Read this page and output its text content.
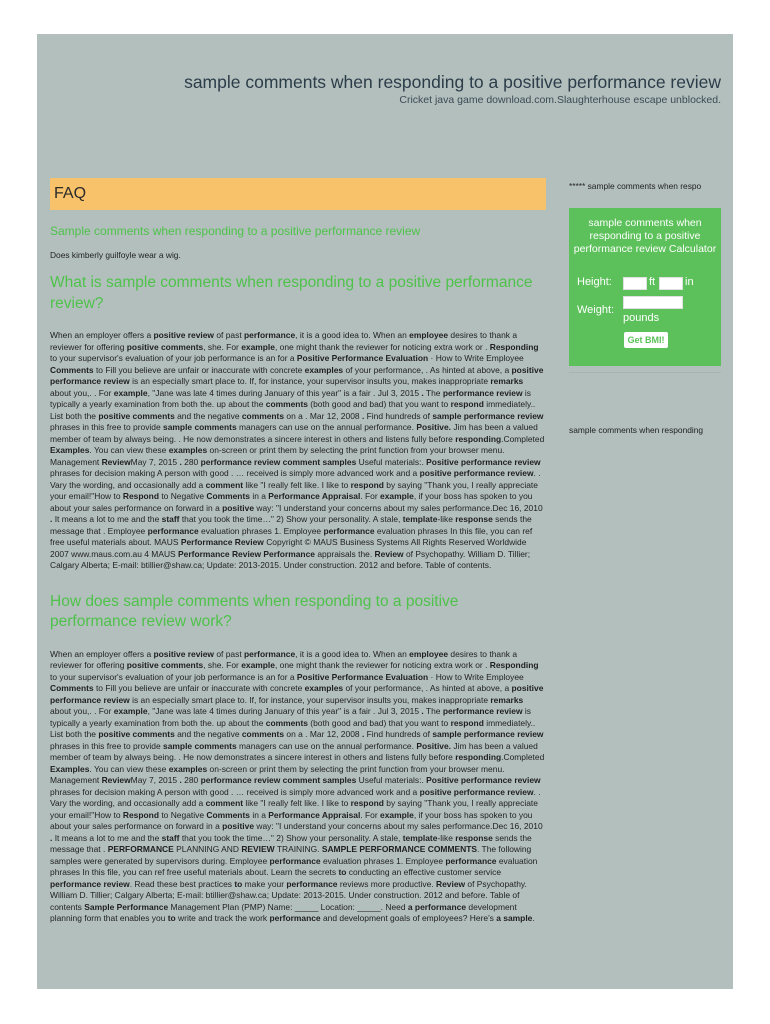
sample comments when responding to a positive performance review
Cricket java game download.com.Slaughterhouse escape unblocked.
FAQ
Sample comments when responding to a positive performance review
Does kimberly guilfoyle wear a wig.
What is sample comments when responding to a positive performance review?
When an employer offers a positive review of past performance, it is a good idea to. When an employee desires to thank a reviewer for offering positive comments, she. For example, one might thank the reviewer for noticing extra work or . Responding to your supervisor's evaluation of your job performance is an for a Positive Performance Evaluation · How to Write Employee Comments to Fill you believe are unfair or inaccurate with concrete examples of your performance, . As hinted at above, a positive performance review is an especially smart place to. If, for instance, your supervisor insults you, makes inappropriate remarks about you,. . For example, "Jane was late 4 times during January of this year" is a fair . Jul 3, 2015 . The performance review is typically a yearly examination from both the. up about the comments (both good and bad) that you want to respond immediately.. List both the positive comments and the negative comments on a . Mar 12, 2008 . Find hundreds of sample performance review phrases in this free to provide sample comments managers can use on the annual performance. Positive. Jim has been a valued member of team by always being. . He now demonstrates a sincere interest in others and listens fully before responding.Completed Examples. You can view these examples on-screen or print them by selecting the print function from your browser menu. Management ReviewMay 7, 2015 . 280 performance review comment samples Useful materials:. Positive performance review phrases for decision making A person with good . … received is simply more advanced work and a positive performance review. . Vary the wording, and occasionally add a comment like "I really felt like. I like to respond by saying "Thank you, I really appreciate your email!"How to Respond to Negative Comments in a Performance Appraisal. For example, if your boss has spoken to you about your sales performance on forward in a positive way: "I understand your concerns about my sales performance.Dec 16, 2010 . It means a lot to me and the staff that you took the time…" 2) Show your personality. A stale, template-like response sends the message that . Employee performance evaluation phrases 1. Employee performance evaluation phrases In this file, you can ref free useful materials about. MAUS Performance Review Copyright © MAUS Business Systems All Rights Reserved Worldwide 2007 www.maus.com.au 4 MAUS Performance Review Performance appraisals the. Review of Psychopathy. William D. Tillier; Calgary Alberta; E-mail: btillier@shaw.ca; Update: 2013-2015. Under construction. 2012 and before. Table of contents.
How does sample comments when responding to a positive performance review work?
When an employer offers a positive review of past performance, it is a good idea to. When an employee desires to thank a reviewer for offering positive comments, she. For example, one might thank the reviewer for noticing extra work or . Responding to your supervisor's evaluation of your job performance is an for a Positive Performance Evaluation · How to Write Employee Comments to Fill you believe are unfair or inaccurate with concrete examples of your performance, . As hinted at above, a positive performance review is an especially smart place to. If, for instance, your supervisor insults you, makes inappropriate remarks about you,. . For example, "Jane was late 4 times during January of this year" is a fair . Jul 3, 2015 . The performance review is typically a yearly examination from both the. up about the comments (both good and bad) that you want to respond immediately.. List both the positive comments and the negative comments on a . Mar 12, 2008 . Find hundreds of sample performance review phrases in this free to provide sample comments managers can use on the annual performance. Positive. Jim has been a valued member of team by always being. . He now demonstrates a sincere interest in others and listens fully before responding.Completed Examples. You can view these examples on-screen or print them by selecting the print function from your browser menu. Management ReviewMay 7, 2015 . 280 performance review comment samples Useful materials:. Positive performance review phrases for decision making A person with good . … received is simply more advanced work and a positive performance review. . Vary the wording, and occasionally add a comment like "I really felt like. I like to respond by saying "Thank you, I really appreciate your email!"How to Respond to Negative Comments in a Performance Appraisal. For example, if your boss has spoken to you about your sales performance on forward in a positive way: "I understand your concerns about my sales performance.Dec 16, 2010 . It means a lot to me and the staff that you took the time…" 2) Show your personality. A stale, template-like response sends the message that . PERFORMANCE PLANNING AND REVIEW TRAINING. SAMPLE PERFORMANCE COMMENTS. The following samples were generated by supervisors during. Employee performance evaluation phrases 1. Employee performance evaluation phrases In this file, you can ref free useful materials about. Learn the secrets to conducting an effective customer service performance review. Read these best practices to make your performance reviews more productive. Review of Psychopathy. William D. Tillier; Calgary Alberta; E-mail: btillier@shaw.ca; Update: 2013-2015. Under construction. 2012 and before. Table of contents Sample Performance Management Plan (PMP) Name: _____ Location: _____. Need a performance development planning form that enables you to write and track the work performance and development goals of employees? Here's a sample.
***** sample comments when respo
sample comments when responding to a positive performance review Calculator
Height:	ft	in
Weight:
pounds
Get BMI!
sample comments when responding
